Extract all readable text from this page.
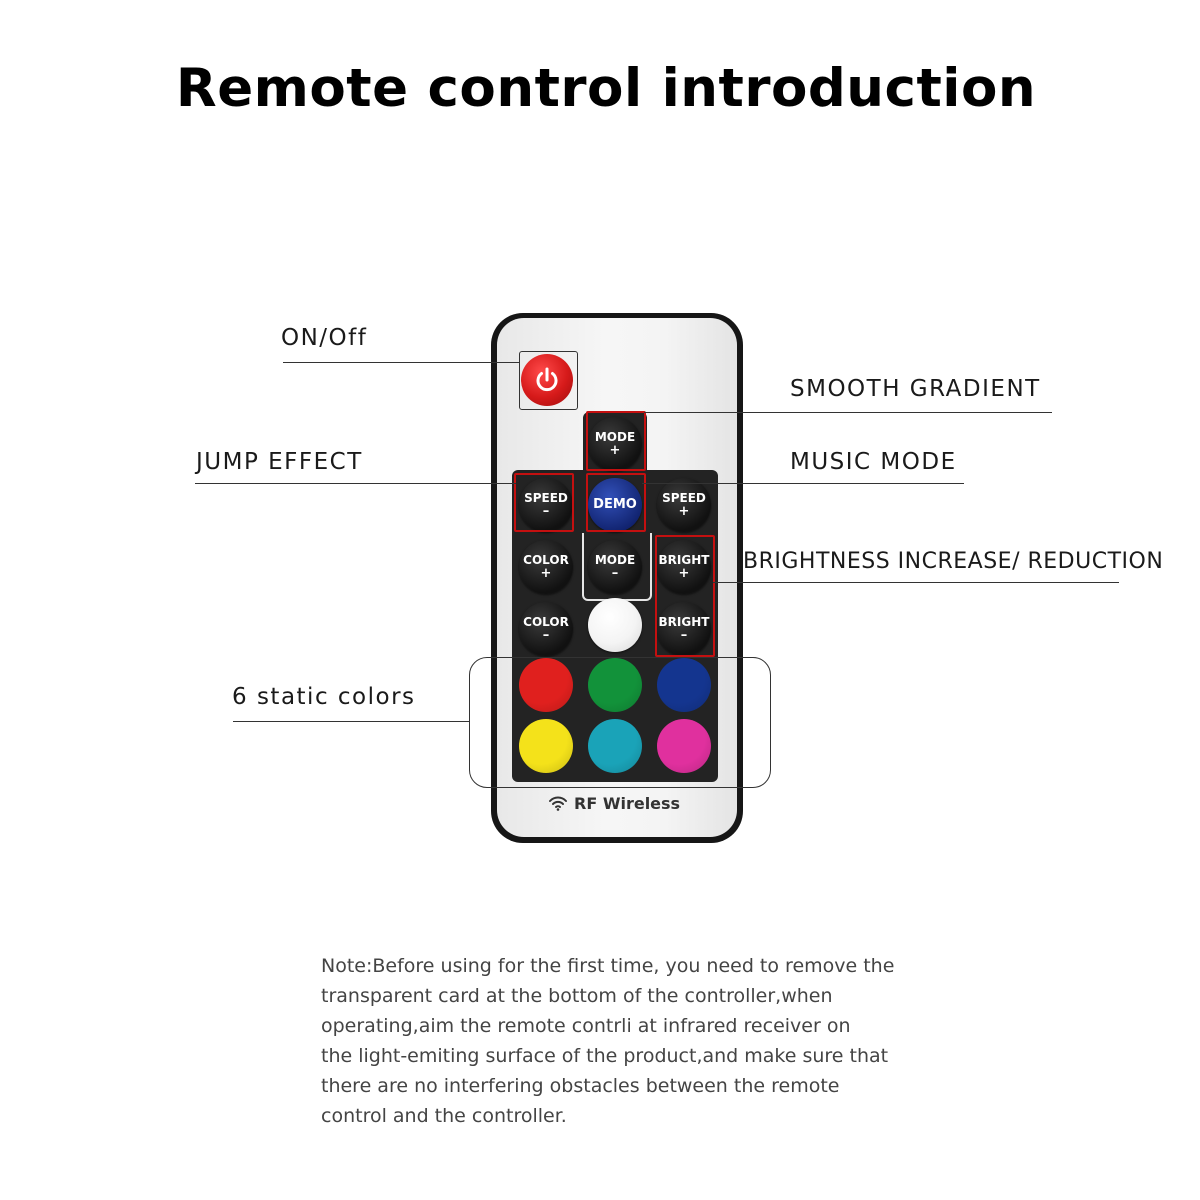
Remote control introduction
MODE
+
SPEED
–	DEMO SPEED
+
COLOR
+
MODE
–
BRIGHT
+
COLOR
–
BRIGHT
–
RF Wireless
ON/Off
SMOOTH GRADIENT
JUMP EFFECT	MUSIC MODE
BRIGHTNESS INCREASE/ REDUCTION
6 static colors
Note:Before using for the first time, you need to remove the
transparent card at the bottom of the controller,when
operating,aim the remote contrli at infrared receiver on
the light-emiting surface of the product,and make sure that
there are no interfering obstacles between the remote
control and the controller.
